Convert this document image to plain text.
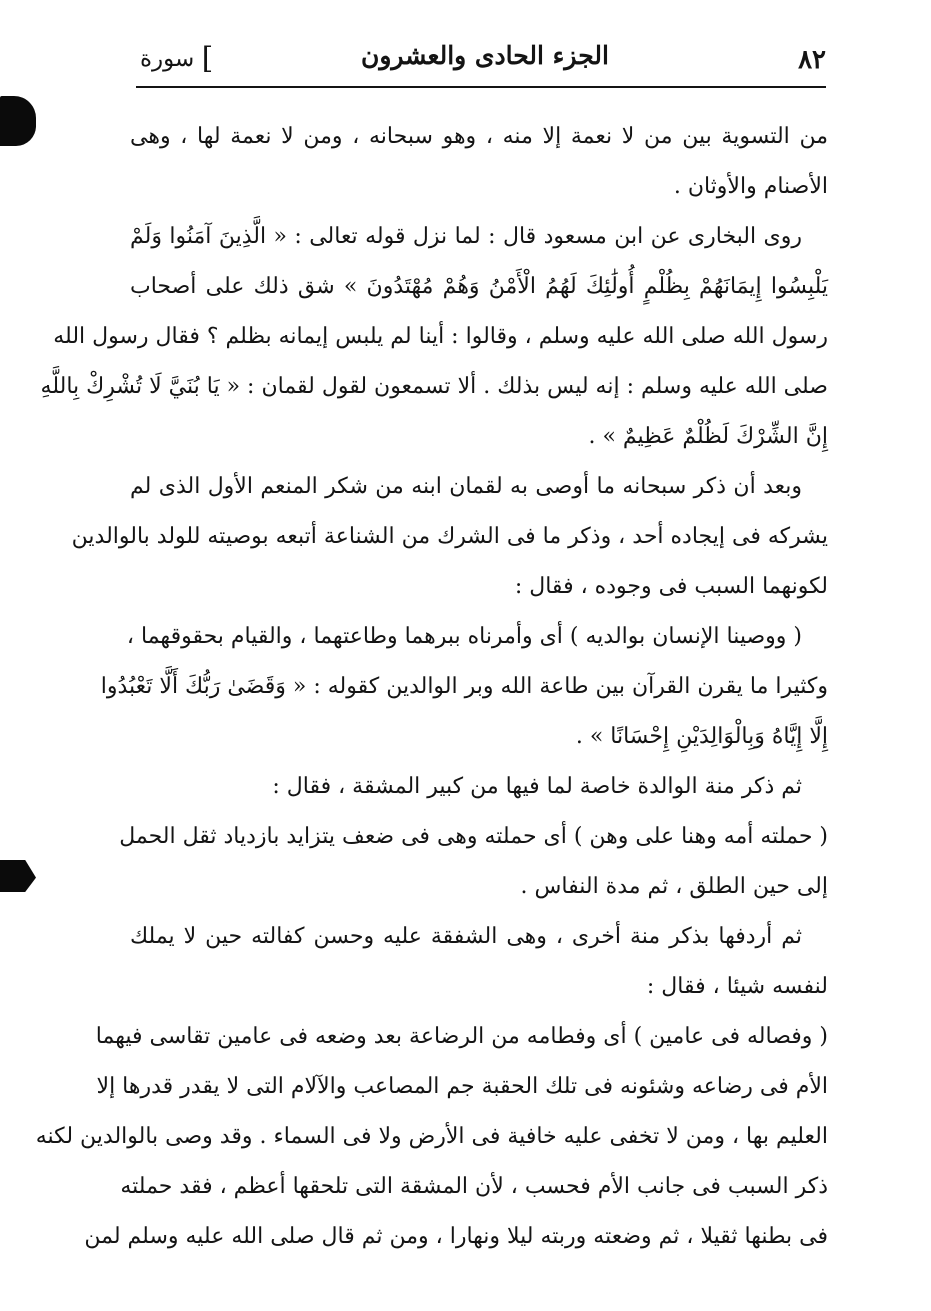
سورة [	الجزء الحادى والعشرون	٨٢
من التسوية بين من لا نعمة إلا منه ، وهو سبحانه ، ومن لا نعمة لها ، وهى
الأصنام والأوثان .
روى البخارى عن ابن مسعود قال : لما نزل قوله تعالى : « الَّذِينَ آمَنُوا وَلَمْ
يَلْبِسُوا إِيمَانَهُمْ بِظُلْمٍ أُولَٰئِكَ لَهُمُ الْأَمْنُ وَهُمْ مُهْتَدُونَ » شق ذلك على أصحاب
رسول الله صلى الله عليه وسلم ، وقالوا : أينا لم يلبس إيمانه بظلم ؟ فقال رسول الله
صلى الله عليه وسلم : إنه ليس بذلك . ألا تسمعون لقول لقمان : « يَا بُنَيَّ لَا تُشْرِكْ بِاللَّهِ
إِنَّ الشِّرْكَ لَظُلْمٌ عَظِيمٌ » .
وبعد أن ذكر سبحانه ما أوصى به لقمان ابنه من شكر المنعم الأول الذى لم
يشركه فى إيجاده أحد ، وذكر ما فى الشرك من الشناعة أتبعه بوصيته للولد بالوالدين
لكونهما السبب فى وجوده ، فقال :
( ووصينا الإنسان بوالديه ) أى وأمرناه ببرهما وطاعتهما ، والقيام بحقوقهما ،
وكثيرا ما يقرن القرآن بين طاعة الله وبر الوالدين كقوله : « وَقَضَىٰ رَبُّكَ أَلَّا تَعْبُدُوا
إِلَّا إِيَّاهُ وَبِالْوَالِدَيْنِ إِحْسَانًا » .
ثم ذكر منة الوالدة خاصة لما فيها من كبير المشقة ، فقال :
( حملته أمه وهنا على وهن ) أى حملته وهى فى ضعف يتزايد بازدياد ثقل الحمل
إلى حين الطلق ، ثم مدة النفاس .
ثم أردفها بذكر منة أخرى ، وهى الشفقة عليه وحسن كفالته حين لا يملك
لنفسه شيئا ، فقال :
( وفصاله فى عامين ) أى وفطامه من الرضاعة بعد وضعه فى عامين تقاسى فيهما
الأم فى رضاعه وشئونه فى تلك الحقبة جم المصاعب والآلام التى لا يقدر قدرها إلا
العليم بها ، ومن لا تخفى عليه خافية فى الأرض ولا فى السماء . وقد وصى بالوالدين لكنه
ذكر السبب فى جانب الأم فحسب ، لأن المشقة التى تلحقها أعظم ، فقد حملته
فى بطنها ثقيلا ، ثم وضعته وربته ليلا ونهارا ، ومن ثم قال صلى الله عليه وسلم لمن
